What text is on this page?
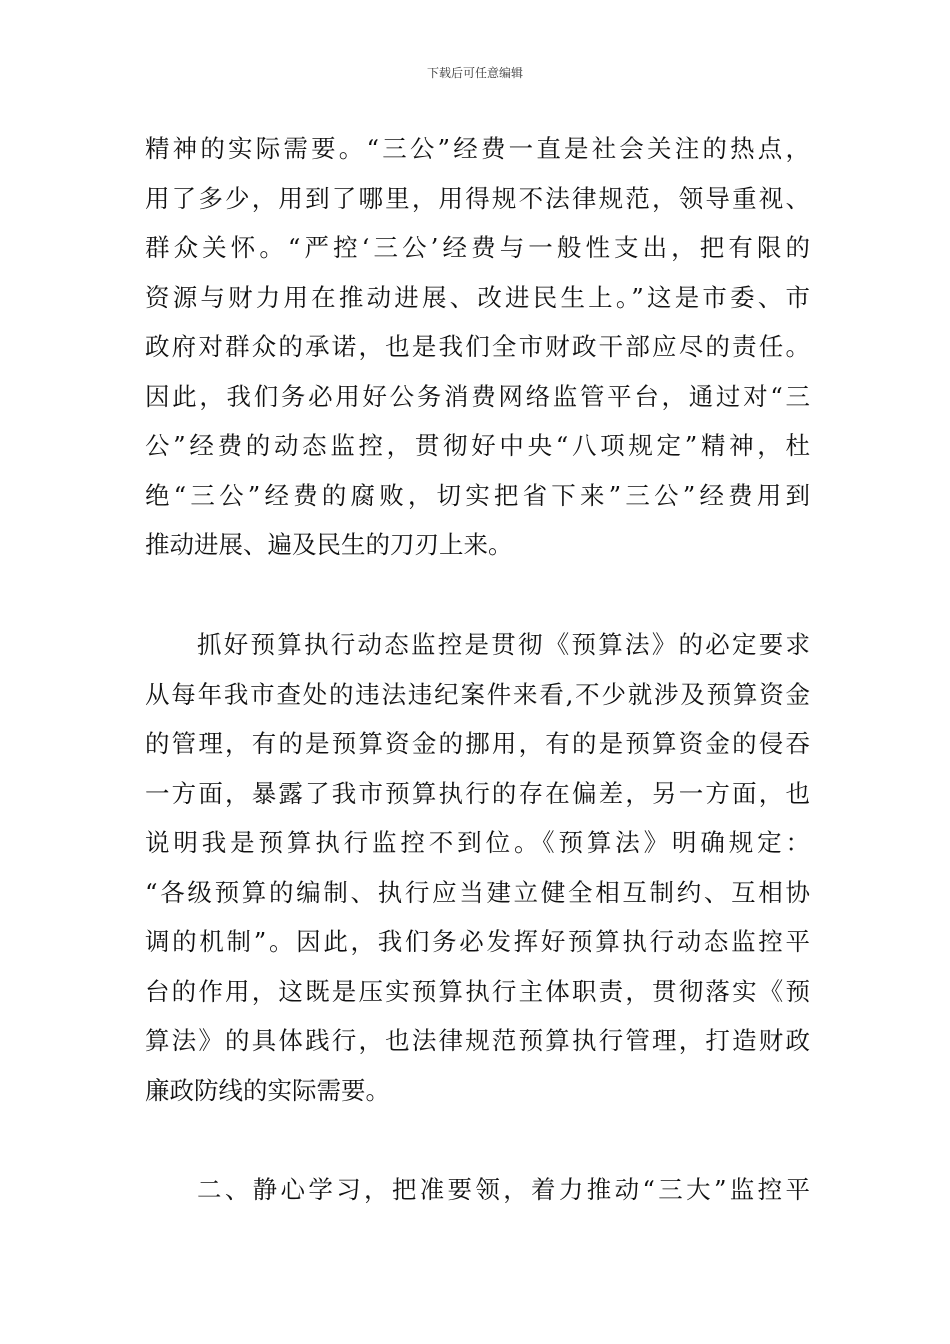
下载后可任意编辑
精神的实际需要。“三公”经费一直是社会关注的热点，
用了多少，用到了哪里，用得规不法律规范，领导重视、
群众关怀。“严控‘三公’经费与一般性支出，把有限的
资源与财力用在推动进展、改进民生上。”这是市委、市
政府对群众的承诺，也是我们全市财政干部应尽的责任。
因此，我们务必用好公务消费网络监管平台，通过对“三
公”经费的动态监控，贯彻好中央“八项规定”精神，杜
绝“三公”经费的腐败，切实把省下来”三公”经费用到
推动进展、遍及民生的刀刃上来。
抓好预算执行动态监控是贯彻《预算法》的必定要求
从每年我市查处的违法违纪案件来看,不少就涉及预算资金
的管理，有的是预算资金的挪用，有的是预算资金的侵吞
一方面，暴露了我市预算执行的存在偏差，另一方面，也
说明我是预算执行监控不到位。《预算法》明确规定：
“各级预算的编制、执行应当建立健全相互制约、互相协
调的机制”。因此，我们务必发挥好预算执行动态监控平
台的作用，这既是压实预算执行主体职责，贯彻落实《预
算法》的具体践行，也法律规范预算执行管理，打造财政
廉政防线的实际需要。
二、静心学习，把准要领，着力推动“三大”监控平
